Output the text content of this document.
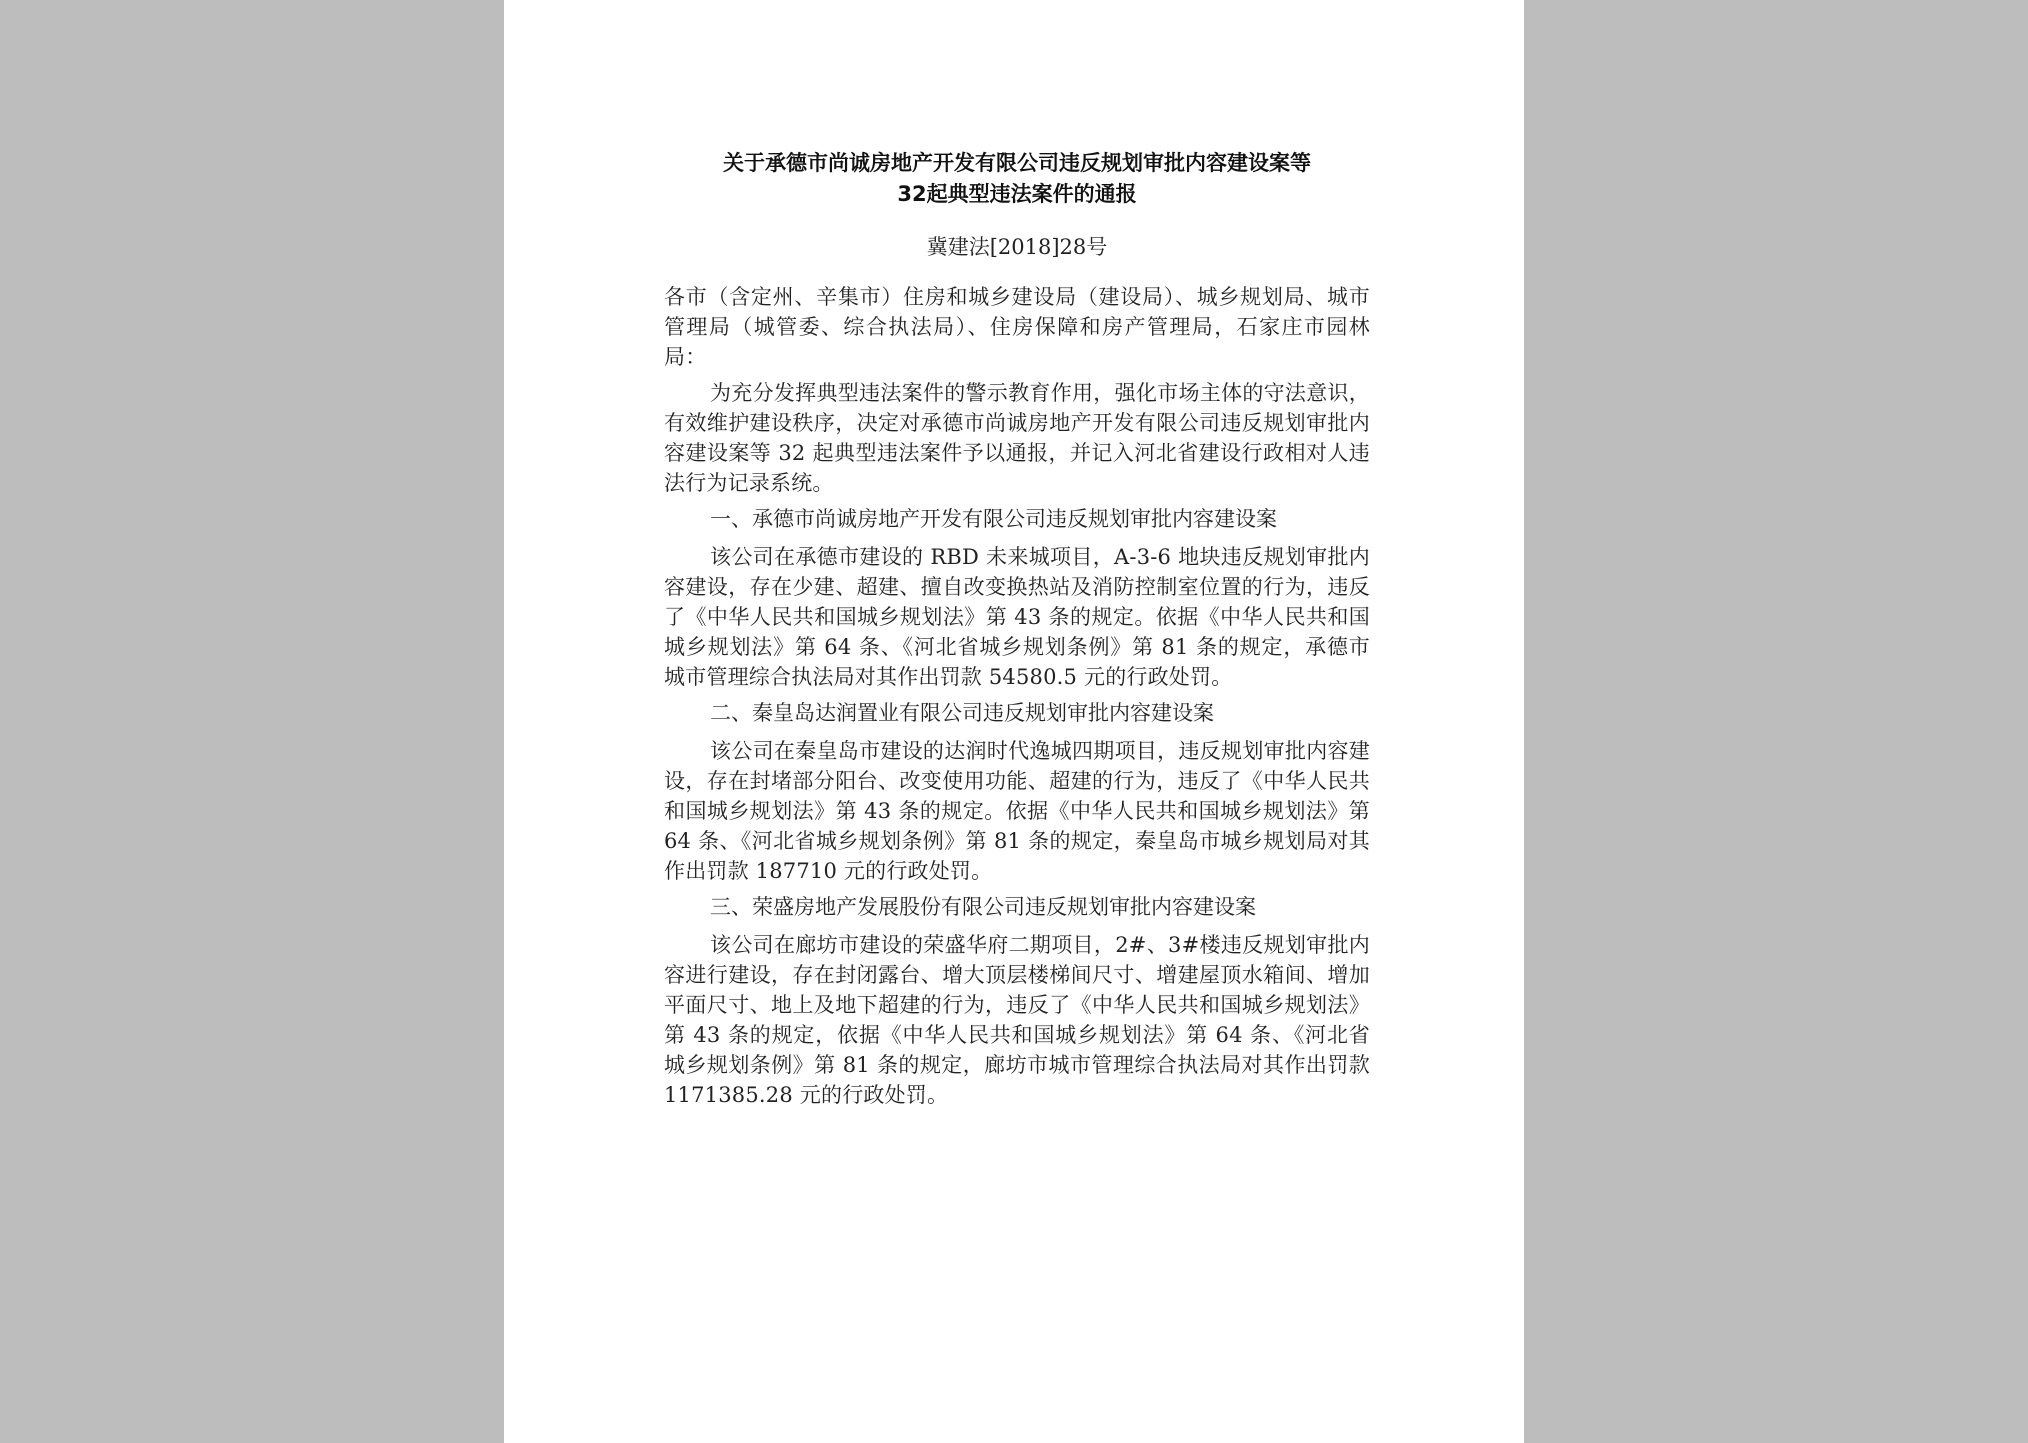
关于承德市尚诚房地产开发有限公司违反规划审批内容建设案等
32起典型违法案件的通报
冀建法[2018]28号

各市（含定州、辛集市）住房和城乡建设局（建设局）、城乡规划局、城市管理局（城管委、综合执法局）、住房保障和房产管理局，石家庄市园林局：

为充分发挥典型违法案件的警示教育作用，强化市场主体的守法意识，有效维护建设秩序，决定对承德市尚诚房地产开发有限公司违反规划审批内容建设案等 32 起典型违法案件予以通报，并记入河北省建设行政相对人违法行为记录系统。

一、承德市尚诚房地产开发有限公司违反规划审批内容建设案

该公司在承德市建设的 RBD 未来城项目，A-3-6 地块违反规划审批内容建设，存在少建、超建、擅自改变换热站及消防控制室位置的行为，违反了《中华人民共和国城乡规划法》第 43 条的规定。依据《中华人民共和国城乡规划法》第 64 条、《河北省城乡规划条例》第 81 条的规定，承德市城市管理综合执法局对其作出罚款 54580.5 元的行政处罚。

二、秦皇岛达润置业有限公司违反规划审批内容建设案

该公司在秦皇岛市建设的达润时代逸城四期项目，违反规划审批内容建设，存在封堵部分阳台、改变使用功能、超建的行为，违反了《中华人民共和国城乡规划法》第 43 条的规定。依据《中华人民共和国城乡规划法》第 64 条、《河北省城乡规划条例》第 81 条的规定，秦皇岛市城乡规划局对其作出罚款 187710 元的行政处罚。

三、荣盛房地产发展股份有限公司违反规划审批内容建设案

该公司在廊坊市建设的荣盛华府二期项目，2#、3#楼违反规划审批内容进行建设，存在封闭露台、增大顶层楼梯间尺寸、增建屋顶水箱间、增加平面尺寸、地上及地下超建的行为，违反了《中华人民共和国城乡规划法》第 43 条的规定，依据《中华人民共和国城乡规划法》第 64 条、《河北省城乡规划条例》第 81 条的规定，廊坊市城市管理综合执法局对其作出罚款 1171385.28 元的行政处罚。
